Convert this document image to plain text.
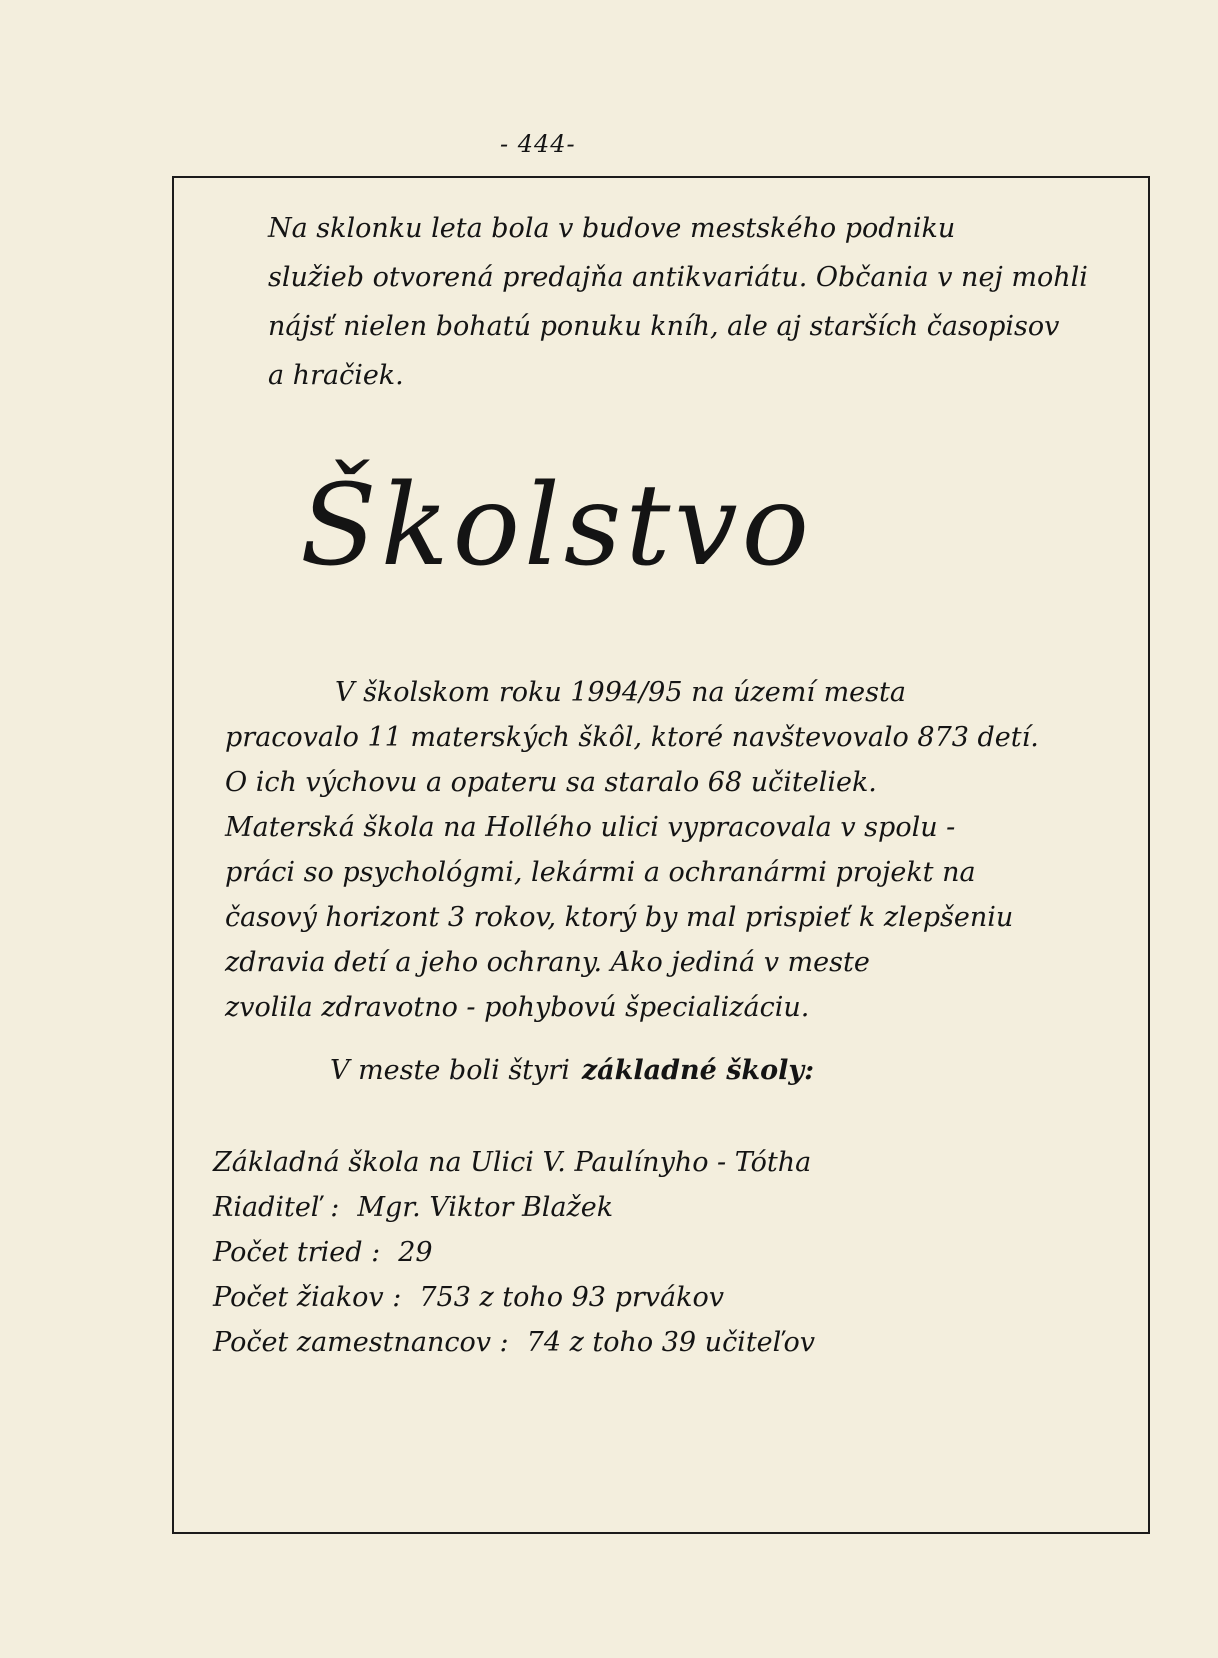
- 444-
Na sklonku leta bola v budove mestského podniku
služieb otvorená predajňa antikvariátu. Občania v nej mohli
nájsť nielen bohatú ponuku kníh, ale aj starších časopisov
a hračiek.
Školstvo
V školskom roku 1994/95 na území mesta
pracovalo 11 materských škôl, ktoré navštevovalo 873 detí.
O ich výchovu a opateru sa staralo 68 učiteliek.
Materská škola na Hollého ulici vypracovala v spolu -
práci so psychológmi, lekármi a ochranármi projekt na
časový horizont 3 rokov, ktorý by mal prispieť k zlepšeniu
zdravia detí a jeho ochrany. Ako jediná v meste
zvolila zdravotno - pohybovú špecializáciu.
V meste boli štyri základné školy:
Základná škola na Ulici V. Paulínyho - Tótha
Riaditeľ : Mgr. Viktor Blažek
Počet tried : 29
Počet žiakov : 753 z toho 93 prvákov
Počet zamestnancov : 74 z toho 39 učiteľov
